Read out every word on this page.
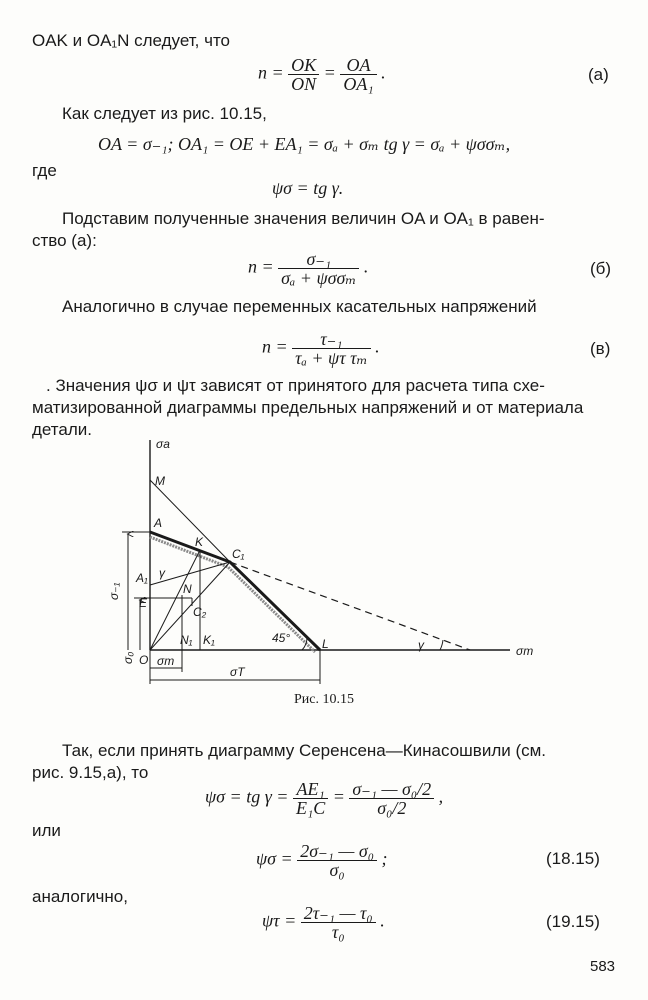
OAK и OA₁N следует, что
$n = \frac{OK}{ON} = \frac{OA}{\text{OA₁}}$ .	(а)
Как следует из рис. 10.15,
OA = σ₋₁; OA₁ = OE + EA₁ = σₐ + σₘ tg γ = σₐ + ψσσₘ,
где
ψσ = tg γ.
Подставим полученные значения величин OA и OA₁ в равен-
ство (а):
$n = \frac{\text{σ₋₁}}{\text{σₐ + ψσσₘ}}$ .	(б)
Аналогично в случае переменных касательных напряжений
$n = \frac{\text{τ₋₁}}{\text{τₐ + ψτ τₘ}}$ .	(в)
. Значения ψσ и ψτ зависят от принятого для расчета типа схе-
матизированной диаграммы предельных напряжений и от материала
детали.
σa
M
A
K
C₁
A₁ γ
N
E
C₂
σ₋₁
σ₀ O
N₁ K₁	45°	L	γ	σm
σm
σT
Рис. 10.15
Так, если принять диаграмму Серенсена—Кинасошвили (см.
рис. 9.15,а), то
ψσ = tg $\gamma = \frac{\text{AE₁}}{\text{E₁C}} = \frac{\text{σ₋₁ — σ₀/2}}{\text{σ₀/2}}$ ,
или
$\psi\sigma = \frac{\text{2σ₋₁ — σ₀}}{\text{σ₀}}$ ;	(18.15)
аналогично,
$\psi\tau = \frac{\text{2τ₋₁ — τ₀}}{\text{τ₀}}$ .	(19.15)
583
